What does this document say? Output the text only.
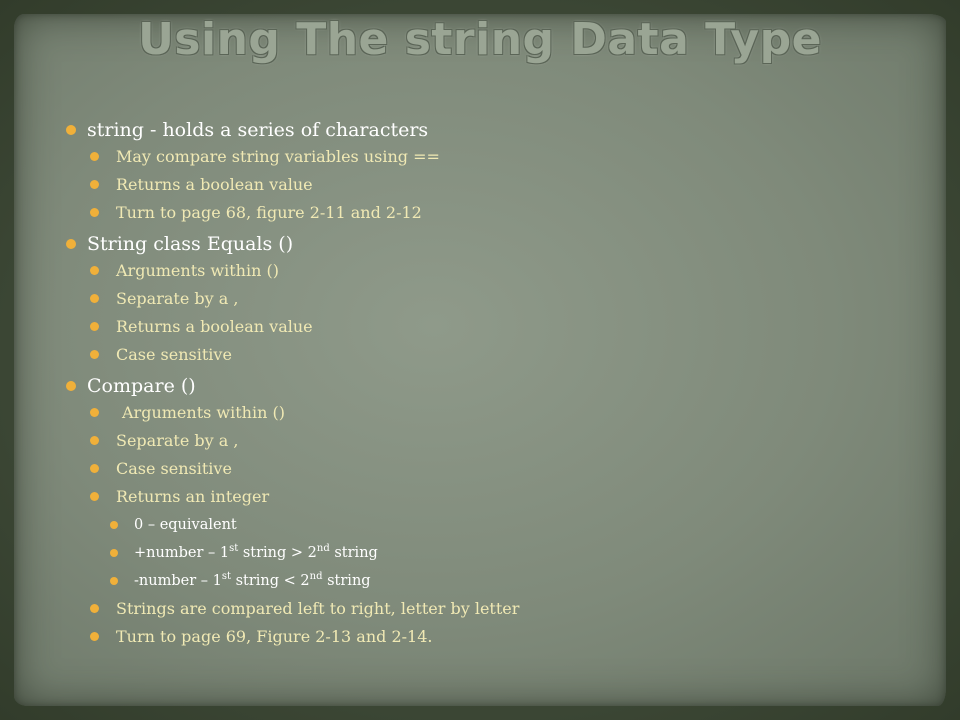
Using The string Data Type
string - holds a series of characters
May compare string variables using ==
Returns a boolean value
Turn to page 68, figure 2-11 and 2-12
String class Equals ()
Arguments within ()
Separate by a ,
Returns a boolean value
Case sensitive
Compare ()
Arguments within ()
Separate by a ,
Case sensitive
Returns an integer
0 – equivalent
+number – 1st string > 2nd string
-number – 1st string < 2nd string
Strings are compared left to right, letter by letter
Turn to page 69, Figure 2-13 and 2-14.
